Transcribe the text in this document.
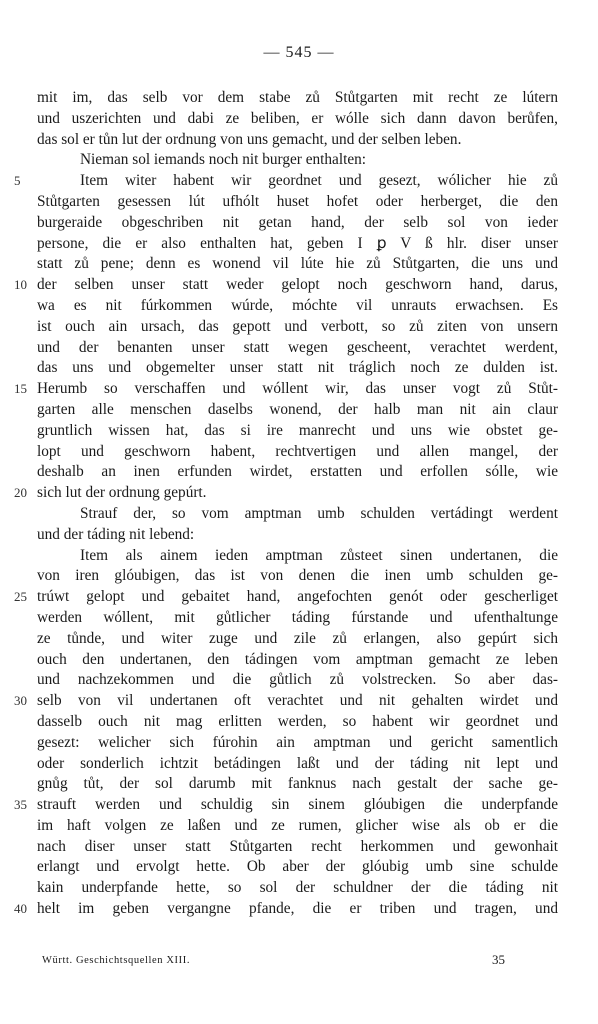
— 545 —
mit im, das selb vor dem stabe zů Stůtgarten mit recht ze lútern
und uszerichten und dabi ze beliben, er wólle sich dann davon berůfen,
das sol er tůn lut der ordnung von uns gemacht, und der selben leben.
Nieman sol iemands noch nit burger enthalten:
5	Item witer habent wir geordnet und gesezt, wólicher hie zů
Stůtgarten gesessen lút ufhólt huset hofet oder herberget, die den
burgeraide obgeschriben nit getan hand, der selb sol von ieder
persone, die er also enthalten hat, geben I ꝑ V ß hlr. diser unser
statt zů pene; denn es wonend vil lúte hie zů Stůtgarten, die uns und
10 der selben unser statt weder gelopt noch geschworn hand, darus,
wa es nit fúrkommen wúrde, móchte vil unrauts erwachsen. Es
ist ouch ain ursach, das gepott und verbott, so zů ziten von unsern
und der benanten unser statt wegen gescheent, verachtet werdent,
das uns und obgemelter unser statt nit tráglich noch ze dulden ist.
15 Herumb so verschaffen und wóllent wir, das unser vogt zů Stůt-
garten alle menschen daselbs wonend, der halb man nit ain claur
gruntlich wissen hat, das si ire manrecht und uns wie obstet ge-
lopt und geschworn habent, rechtvertigen und allen mangel, der
deshalb an inen erfunden wirdet, erstatten und erfollen sólle, wie
20 sich lut der ordnung gepúrt.
Strauf der, so vom amptman umb schulden vertádingt werdent
und der táding nit lebend:
Item als ainem ieden amptman zůsteet sinen undertanen, die
von iren glóubigen, das ist von denen die inen umb schulden ge-
25 trúwt gelopt und gebaitet hand, angefochten genót oder gescherliget
werden wóllent, mit gůtlicher táding fúrstande und ufenthaltunge
ze tůnde, und witer zuge und zile zů erlangen, also gepúrt sich
ouch den undertanen, den tádingen vom amptman gemacht ze leben
und nachzekommen und die gůtlich zů volstrecken. So aber das-
30 selb von vil undertanen oft verachtet und nit gehalten wirdet und
dasselb ouch nit mag erlitten werden, so habent wir geordnet und
gesezt: welicher sich fúrohin ain amptman und gericht samentlich
oder sonderlich ichtzit betádingen laßt und der táding nit lept und
gnůg tůt, der sol darumb mit fanknus nach gestalt der sache ge-
35 strauft werden und schuldig sin sinem glóubigen die underpfande
im haft volgen ze laßen und ze rumen, glicher wise als ob er die
nach diser unser statt Stůtgarten recht herkommen und gewonhait
erlangt und ervolgt hette. Ob aber der glóubig umb sine schulde
kain underpfande hette, so sol der schuldner der die táding nit
40 helt im geben vergangne pfande, die er triben und tragen, und
Württ. Geschichtsquellen XIII.	35
